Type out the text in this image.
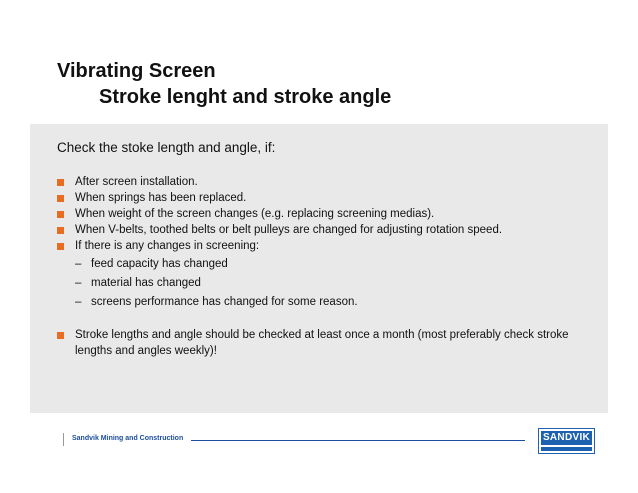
Vibrating Screen
Stroke lenght and stroke angle
Check the stoke length and angle, if:
After screen installation.
When springs has been replaced.
When weight of the screen changes (e.g. replacing screening medias).
When V-belts, toothed belts or belt pulleys are changed for adjusting rotation speed.
If there is any changes in screening:
– feed capacity has changed
– material has changed
– screens performance has changed for some reason.
Stroke lengths and angle should be checked at least once a month (most preferably check stroke lengths and angles weekly)!
Sandvik Mining and Construction	SANDVIK
